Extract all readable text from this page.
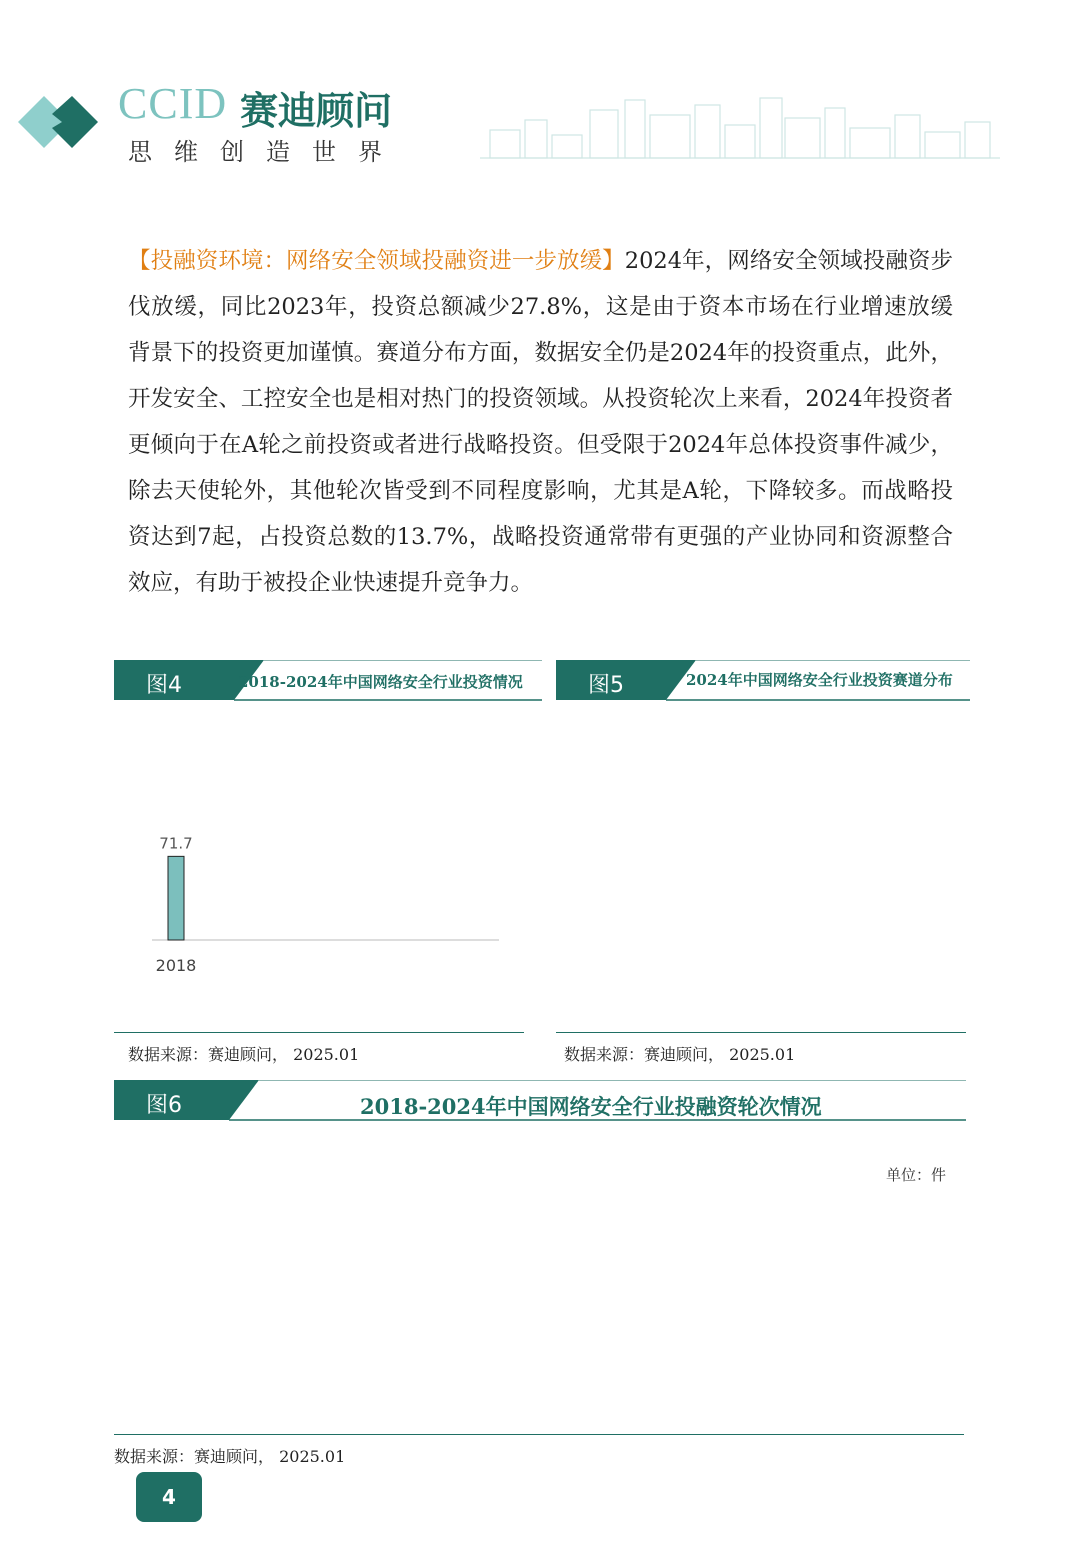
CCID 赛迪顾问
思维创造世界
【投融资环境：网络安全领域投融资进一步放缓】2024年，网络安全领域投融资步伐放缓，同比2023年，投资总额减少27.8%，这是由于资本市场在行业增速放缓背景下的投资更加谨慎。赛道分布方面，数据安全仍是2024年的投资重点，此外，开发安全、工控安全也是相对热门的投资领域。从投资轮次上来看，2024年投资者更倾向于在A轮之前投资或者进行战略投资。但受限于2024年总体投资事件减少，除去天使轮外，其他轮次皆受到不同程度影响，尤其是A轮，下降较多。而战略投资达到7起，占投资总数的13.7%，战略投资通常带有更强的产业协同和资源整合效应，有助于被投企业快速提升竞争力。
图4	2018-2024年中国网络安全行业投资情况
71.7
2018
数据来源：赛迪顾问， 2025.01
图5	2024年中国网络安全行业投资赛道分布
数据来源：赛迪顾问， 2025.01
图6	2018-2024年中国网络安全行业投融资轮次情况
单位：件
数据来源：赛迪顾问， 2025.01
4
